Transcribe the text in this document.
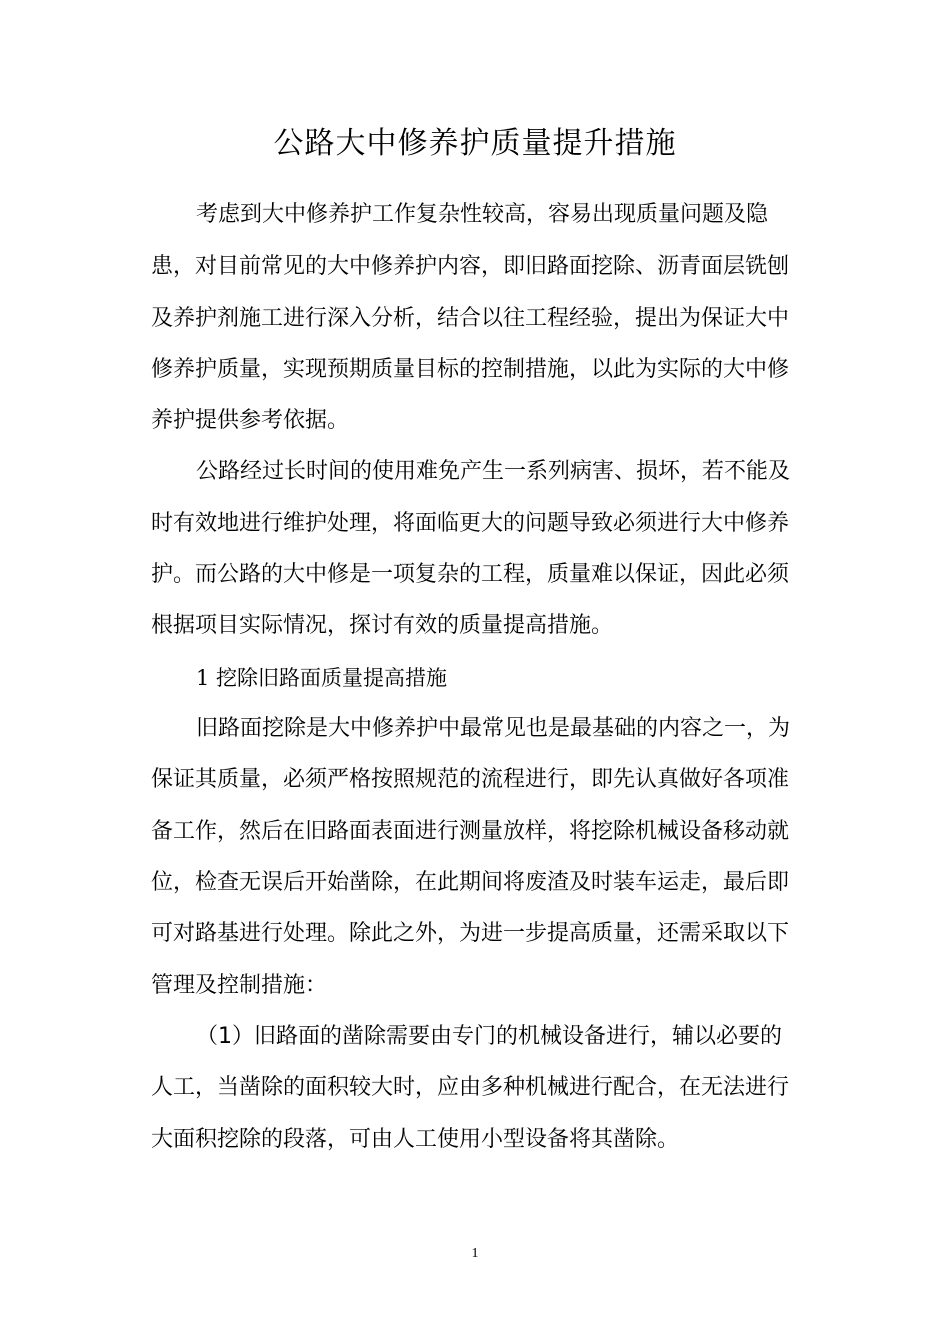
公路大中修养护质量提升措施

考虑到大中修养护工作复杂性较高，容易出现质量问题及隐

患，对目前常见的大中修养护内容，即旧路面挖除、沥青面层铣刨

及养护剂施工进行深入分析，结合以往工程经验，提出为保证大中

修养护质量，实现预期质量目标的控制措施，以此为实际的大中修

养护提供参考依据。

公路经过长时间的使用难免产生一系列病害、损坏，若不能及

时有效地进行维护处理，将面临更大的问题导致必须进行大中修养

护。而公路的大中修是一项复杂的工程，质量难以保证，因此必须

根据项目实际情况，探讨有效的质量提高措施。

1 挖除旧路面质量提高措施

旧路面挖除是大中修养护中最常见也是最基础的内容之一，为

保证其质量，必须严格按照规范的流程进行，即先认真做好各项准

备工作，然后在旧路面表面进行测量放样，将挖除机械设备移动就

位，检查无误后开始凿除，在此期间将废渣及时装车运走，最后即

可对路基进行处理。除此之外，为进一步提高质量，还需采取以下

管理及控制措施：

（1）旧路面的凿除需要由专门的机械设备进行，辅以必要的

人工，当凿除的面积较大时，应由多种机械进行配合，在无法进行

大面积挖除的段落，可由人工使用小型设备将其凿除。

1
